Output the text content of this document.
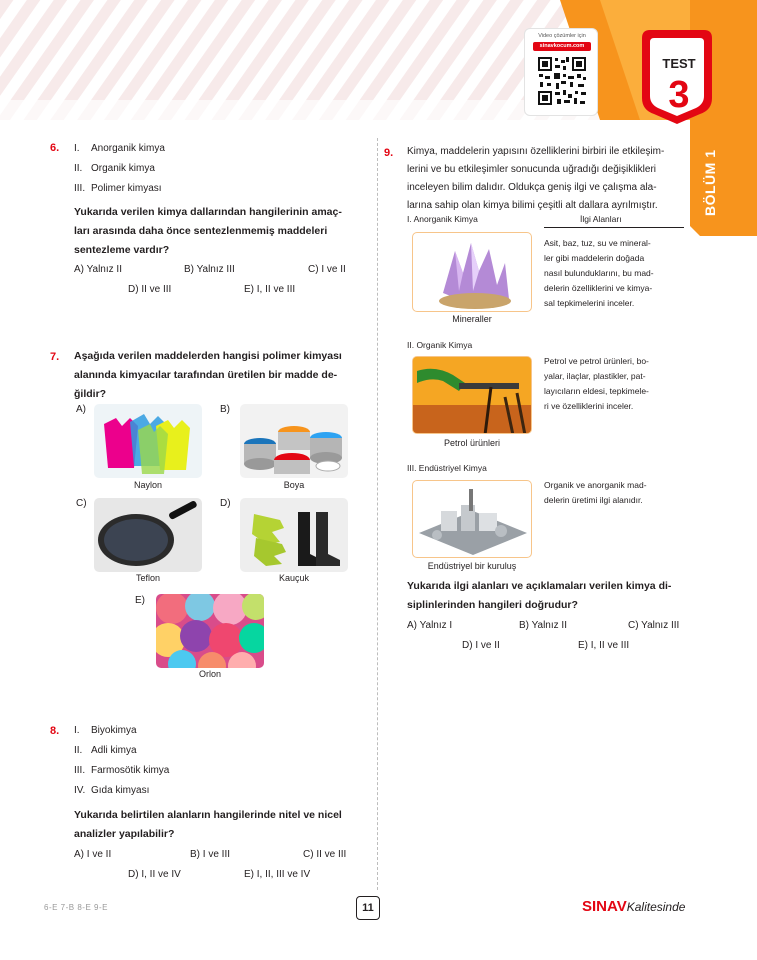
TEST
3
BÖLÜM 1
Video çözümler için
sinavkocum.com
6. I. Anorganik kimya
II. Organik kimya
III. Polimer kimyası
Yukarıda verilen kimya dallarından hangilerinin amaç-
ları arasında daha önce sentezlenmemiş maddeleri
sentezleme vardır?
A) Yalnız II	B) Yalnız III	C) I ve II
D) II ve III	E) I, II ve III
7. Aşağıda verilen maddelerden hangisi polimer kimyası
alanında kimyacılar tarafından üretilen bir madde de-
ğildir?
A)
Naylon
B)
Boya
C)
Teflon
D)
Kauçuk
E)
Orlon
8. I. Biyokimya
II. Adli kimya
III. Farmosötik kimya
IV. Gıda kimyası
Yukarıda belirtilen alanların hangilerinde nitel ve nicel
analizler yapılabilir?
A) I ve II	B) I ve III	C) II ve III
D) I, II ve IV	E) I, II, III ve IV
9. Kimya, maddelerin yapısını özelliklerini birbiri ile etkileşim-
lerini ve bu etkileşimler sonucunda uğradığı değişiklikleri
inceleyen bilim dalıdır. Oldukça geniş ilgi ve çalışma ala-
larına sahip olan kimya bilimi çeşitli alt dallara ayrılmıştır.
I. Anorganik Kimya	İlgi Alanları
Mineraller
Asit, baz, tuz, su ve mineral-
ler gibi maddelerin doğada
nasıl bulunduklarını, bu mad-
delerin özelliklerini ve kimya-
sal tepkimelerini inceler.
II. Organik Kimya
Petrol ürünleri
Petrol ve petrol ürünleri, bo-
yalar, ilaçlar, plastikler, pat-
layıcıların eldesi, tepkimele-
ri ve özelliklerini inceler.
III. Endüstriyel Kimya
Endüstriyel bir kuruluş
Organik ve anorganik mad-
delerin üretimi ilgi alanıdır.
Yukarıda ilgi alanları ve açıklamaları verilen kimya di-
siplinlerinden hangileri doğrudur?
A) Yalnız I	B) Yalnız II	C) Yalnız III
D) I ve II	E) I, II ve III
6-E 7-B 8-E 9-E	11	SINAVKalitesinde
